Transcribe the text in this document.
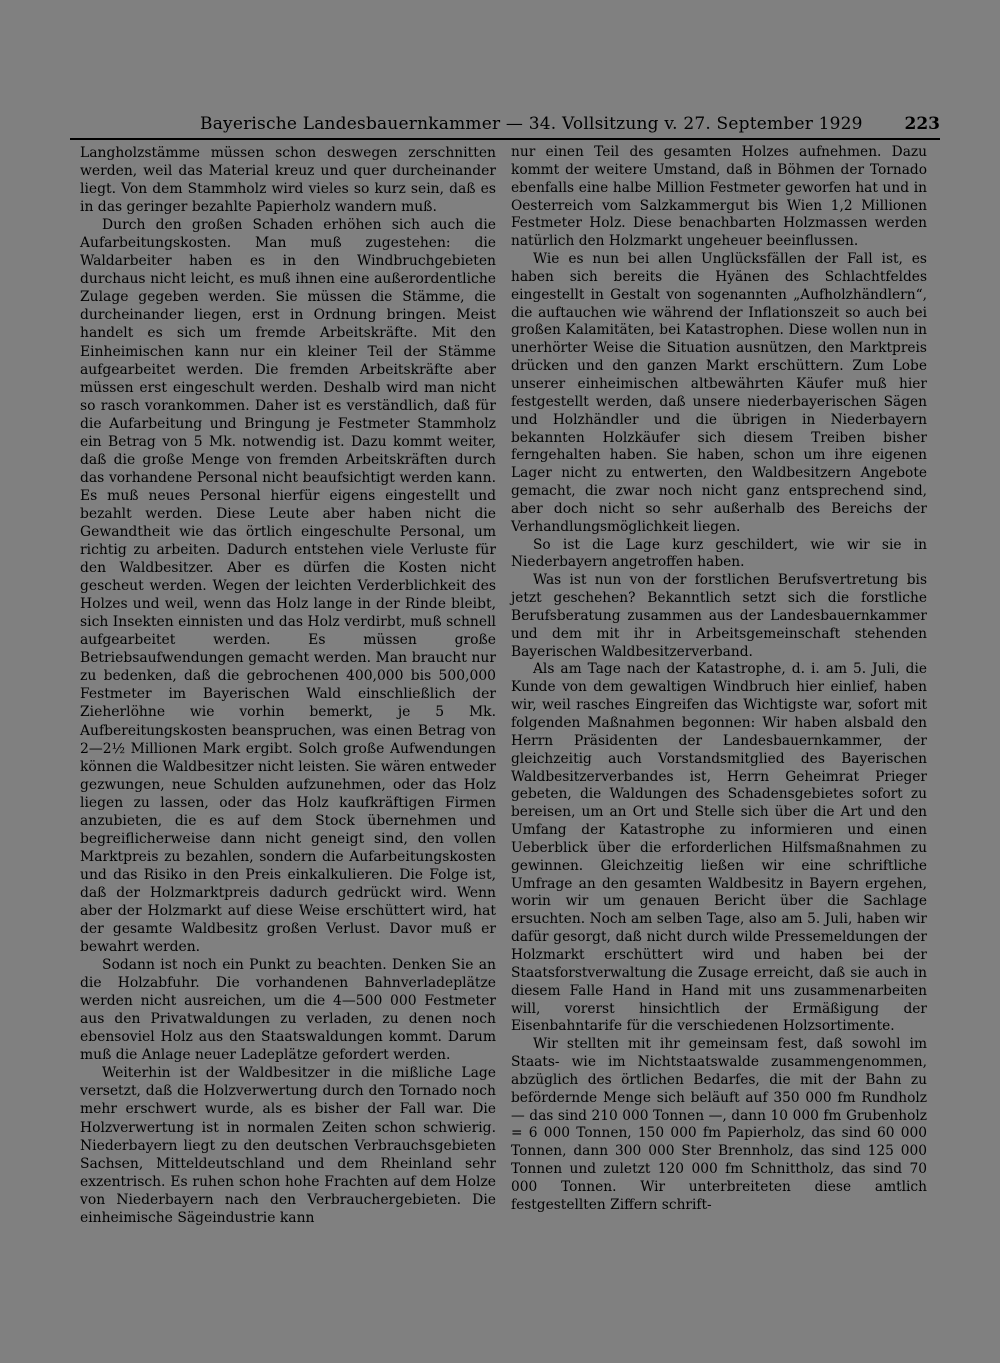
Bayerische Landesbauernkammer — 34. Vollsitzung v. 27. September 1929 223

Langholzstämme müssen schon deswegen zerschnitten werden, weil das Material kreuz und quer durcheinander liegt. Von dem Stammholz wird vieles so kurz sein, daß es in das geringer bezahlte Papierholz wandern muß.

Durch den großen Schaden erhöhen sich auch die Aufarbeitungskosten. Man muß zugestehen: die Waldarbeiter haben es in den Windbruchgebieten durchaus nicht leicht, es muß ihnen eine außerordentliche Zulage gegeben werden. Sie müssen die Stämme, die durcheinander liegen, erst in Ordnung bringen. Meist handelt es sich um fremde Arbeitskräfte. Mit den Einheimischen kann nur ein kleiner Teil der Stämme aufgearbeitet werden. Die fremden Arbeitskräfte aber müssen erst eingeschult werden. Deshalb wird man nicht so rasch vorankommen. Daher ist es verständlich, daß für die Aufarbeitung und Bringung je Festmeter Stammholz ein Betrag von 5 Mk. notwendig ist. Dazu kommt weiter, daß die große Menge von fremden Arbeitskräften durch das vorhandene Personal nicht beaufsichtigt werden kann. Es muß neues Personal hierfür eigens eingestellt und bezahlt werden. Diese Leute aber haben nicht die Gewandtheit wie das örtlich eingeschulte Personal, um richtig zu arbeiten. Dadurch entstehen viele Verluste für den Waldbesitzer. Aber es dürfen die Kosten nicht gescheut werden. Wegen der leichten Verderblichkeit des Holzes und weil, wenn das Holz lange in der Rinde bleibt, sich Insekten einnisten und das Holz verdirbt, muß schnell aufgearbeitet werden. Es müssen große Betriebsaufwendungen gemacht werden. Man braucht nur zu bedenken, daß die gebrochenen 400,000 bis 500,000 Festmeter im Bayerischen Wald einschließlich der Zieherlöhne wie vorhin bemerkt, je 5 Mk. Aufbereitungskosten beanspruchen, was einen Betrag von 2—2½ Millionen Mark ergibt. Solch große Aufwendungen können die Waldbesitzer nicht leisten. Sie wären entweder gezwungen, neue Schulden aufzunehmen, oder das Holz liegen zu lassen, oder das Holz kaufkräftigen Firmen anzubieten, die es auf dem Stock übernehmen und begreiflicherweise dann nicht geneigt sind, den vollen Marktpreis zu bezahlen, sondern die Aufarbeitungskosten und das Risiko in den Preis einkalkulieren. Die Folge ist, daß der Holzmarktpreis dadurch gedrückt wird. Wenn aber der Holzmarkt auf diese Weise erschüttert wird, hat der gesamte Waldbesitz großen Verlust. Davor muß er bewahrt werden.

Sodann ist noch ein Punkt zu beachten. Denken Sie an die Holzabfuhr. Die vorhandenen Bahnverladeplätze werden nicht ausreichen, um die 4—500 000 Festmeter aus den Privatwaldungen zu verladen, zu denen noch ebensoviel Holz aus den Staatswaldungen kommt. Darum muß die Anlage neuer Ladeplätze gefordert werden.

Weiterhin ist der Waldbesitzer in die mißliche Lage versetzt, daß die Holzverwertung durch den Tornado noch mehr erschwert wurde, als es bisher der Fall war. Die Holzverwertung ist in normalen Zeiten schon schwierig. Niederbayern liegt zu den deutschen Verbrauchsgebieten Sachsen, Mitteldeutschland und dem Rheinland sehr exzentrisch. Es ruhen schon hohe Frachten auf dem Holze von Niederbayern nach den Verbrauchergebieten. Die einheimische Sägeindustrie kann

nur einen Teil des gesamten Holzes aufnehmen. Dazu kommt der weitere Umstand, daß in Böhmen der Tornado ebenfalls eine halbe Million Festmeter geworfen hat und in Oesterreich vom Salzkammergut bis Wien 1,2 Millionen Festmeter Holz. Diese benachbarten Holzmassen werden natürlich den Holzmarkt ungeheuer beeinflussen.

Wie es nun bei allen Unglücksfällen der Fall ist, es haben sich bereits die Hyänen des Schlachtfeldes eingestellt in Gestalt von sogenannten „Aufholzhändlern“, die auftauchen wie während der Inflationszeit so auch bei großen Kalamitäten, bei Katastrophen. Diese wollen nun in unerhörter Weise die Situation ausnützen, den Marktpreis drücken und den ganzen Markt erschüttern. Zum Lobe unserer einheimischen altbewährten Käufer muß hier festgestellt werden, daß unsere niederbayerischen Sägen und Holzhändler und die übrigen in Niederbayern bekannten Holzkäufer sich diesem Treiben bisher ferngehalten haben. Sie haben, schon um ihre eigenen Lager nicht zu entwerten, den Waldbesitzern Angebote gemacht, die zwar noch nicht ganz entsprechend sind, aber doch nicht so sehr außerhalb des Bereichs der Verhandlungsmöglichkeit liegen.

So ist die Lage kurz geschildert, wie wir sie in Niederbayern angetroffen haben.

Was ist nun von der forstlichen Berufsvertretung bis jetzt geschehen? Bekanntlich setzt sich die forstliche Berufsberatung zusammen aus der Landesbauernkammer und dem mit ihr in Arbeitsgemeinschaft stehenden Bayerischen Waldbesitzerverband.

Als am Tage nach der Katastrophe, d. i. am 5. Juli, die Kunde von dem gewaltigen Windbruch hier einlief, haben wir, weil rasches Eingreifen das Wichtigste war, sofort mit folgenden Maßnahmen begonnen: Wir haben alsbald den Herrn Präsidenten der Landesbauernkammer, der gleichzeitig auch Vorstandsmitglied des Bayerischen Waldbesitzerverbandes ist, Herrn Geheimrat Prieger gebeten, die Waldungen des Schadensgebietes sofort zu bereisen, um an Ort und Stelle sich über die Art und den Umfang der Katastrophe zu informieren und einen Ueberblick über die erforderlichen Hilfsmaßnahmen zu gewinnen. Gleichzeitig ließen wir eine schriftliche Umfrage an den gesamten Waldbesitz in Bayern ergehen, worin wir um genauen Bericht über die Sachlage ersuchten. Noch am selben Tage, also am 5. Juli, haben wir dafür gesorgt, daß nicht durch wilde Pressemeldungen der Holzmarkt erschüttert wird und haben bei der Staatsforstverwaltung die Zusage erreicht, daß sie auch in diesem Falle Hand in Hand mit uns zusammenarbeiten will, vorerst hinsichtlich der Ermäßigung der Eisenbahntarife für die verschiedenen Holzsortimente.

Wir stellten mit ihr gemeinsam fest, daß sowohl im Staats- wie im Nichtstaatswalde zusammengenommen, abzüglich des örtlichen Bedarfes, die mit der Bahn zu befördernde Menge sich beläuft auf 350 000 fm Rundholz — das sind 210 000 Tonnen —, dann 10 000 fm Grubenholz = 6 000 Tonnen, 150 000 fm Papierholz, das sind 60 000 Tonnen, dann 300 000 Ster Brennholz, das sind 125 000 Tonnen und zuletzt 120 000 fm Schnittholz, das sind 70 000 Tonnen. Wir unterbreiteten diese amtlich festgestellten Ziffern schrift-
